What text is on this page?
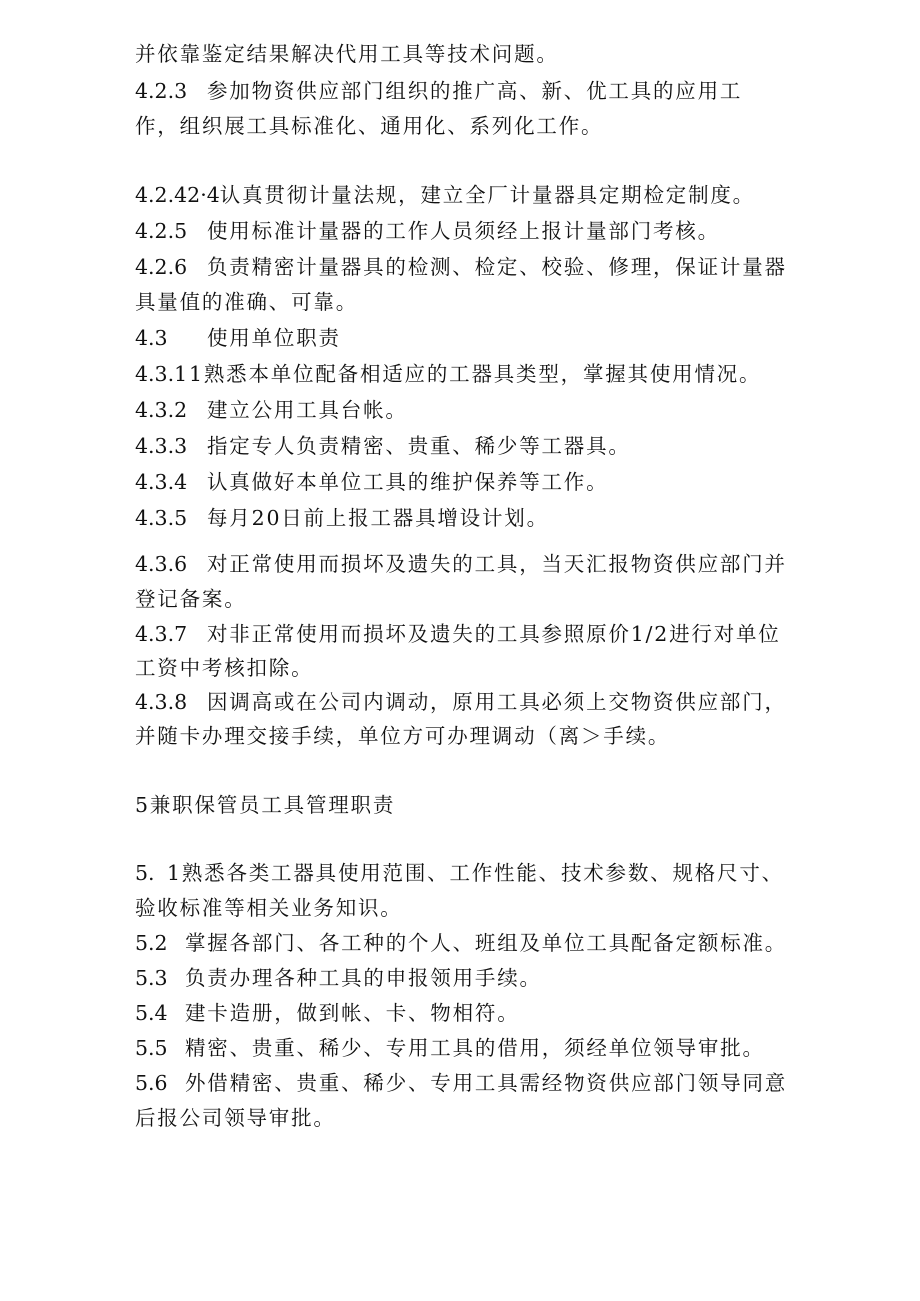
并依靠鉴定结果解决代用工具等技术问题。
4.2.3 参加物资供应部门组织的推广高、新、优工具的应用工
作，组织展工具标准化、通用化、系列化工作。
4.2.42·4认真贯彻计量法规，建立全厂计量器具定期检定制度。
4.2.5 使用标准计量器的工作人员须经上报计量部门考核。
4.2.6 负责精密计量器具的检测、检定、校验、修理，保证计量器
具量值的准确、可靠。
4.3 使用单位职责
4.3.11熟悉本单位配备相适应的工器具类型，掌握其使用情况。
4.3.2 建立公用工具台帐。
4.3.3 指定专人负责精密、贵重、稀少等工器具。
4.3.4 认真做好本单位工具的维护保养等工作。
4.3.5 每月20日前上报工器具增设计划。
4.3.6 对正常使用而损坏及遗失的工具，当天汇报物资供应部门并
登记备案。
4.3.7 对非正常使用而损坏及遗失的工具参照原价1/2进行对单位
工资中考核扣除。
4.3.8 因调高或在公司内调动，原用工具必须上交物资供应部门，
并随卡办理交接手续，单位方可办理调动（离＞手续。
5兼职保管员工具管理职责
5. 1熟悉各类工器具使用范围、工作性能、技术参数、规格尺寸、
验收标准等相关业务知识。
5.2 掌握各部门、各工种的个人、班组及单位工具配备定额标准。
5.3 负责办理各种工具的申报领用手续。
5.4 建卡造册，做到帐、卡、物相符。
5.5 精密、贵重、稀少、专用工具的借用，须经单位领导审批。
5.6 外借精密、贵重、稀少、专用工具需经物资供应部门领导同意
后报公司领导审批。
